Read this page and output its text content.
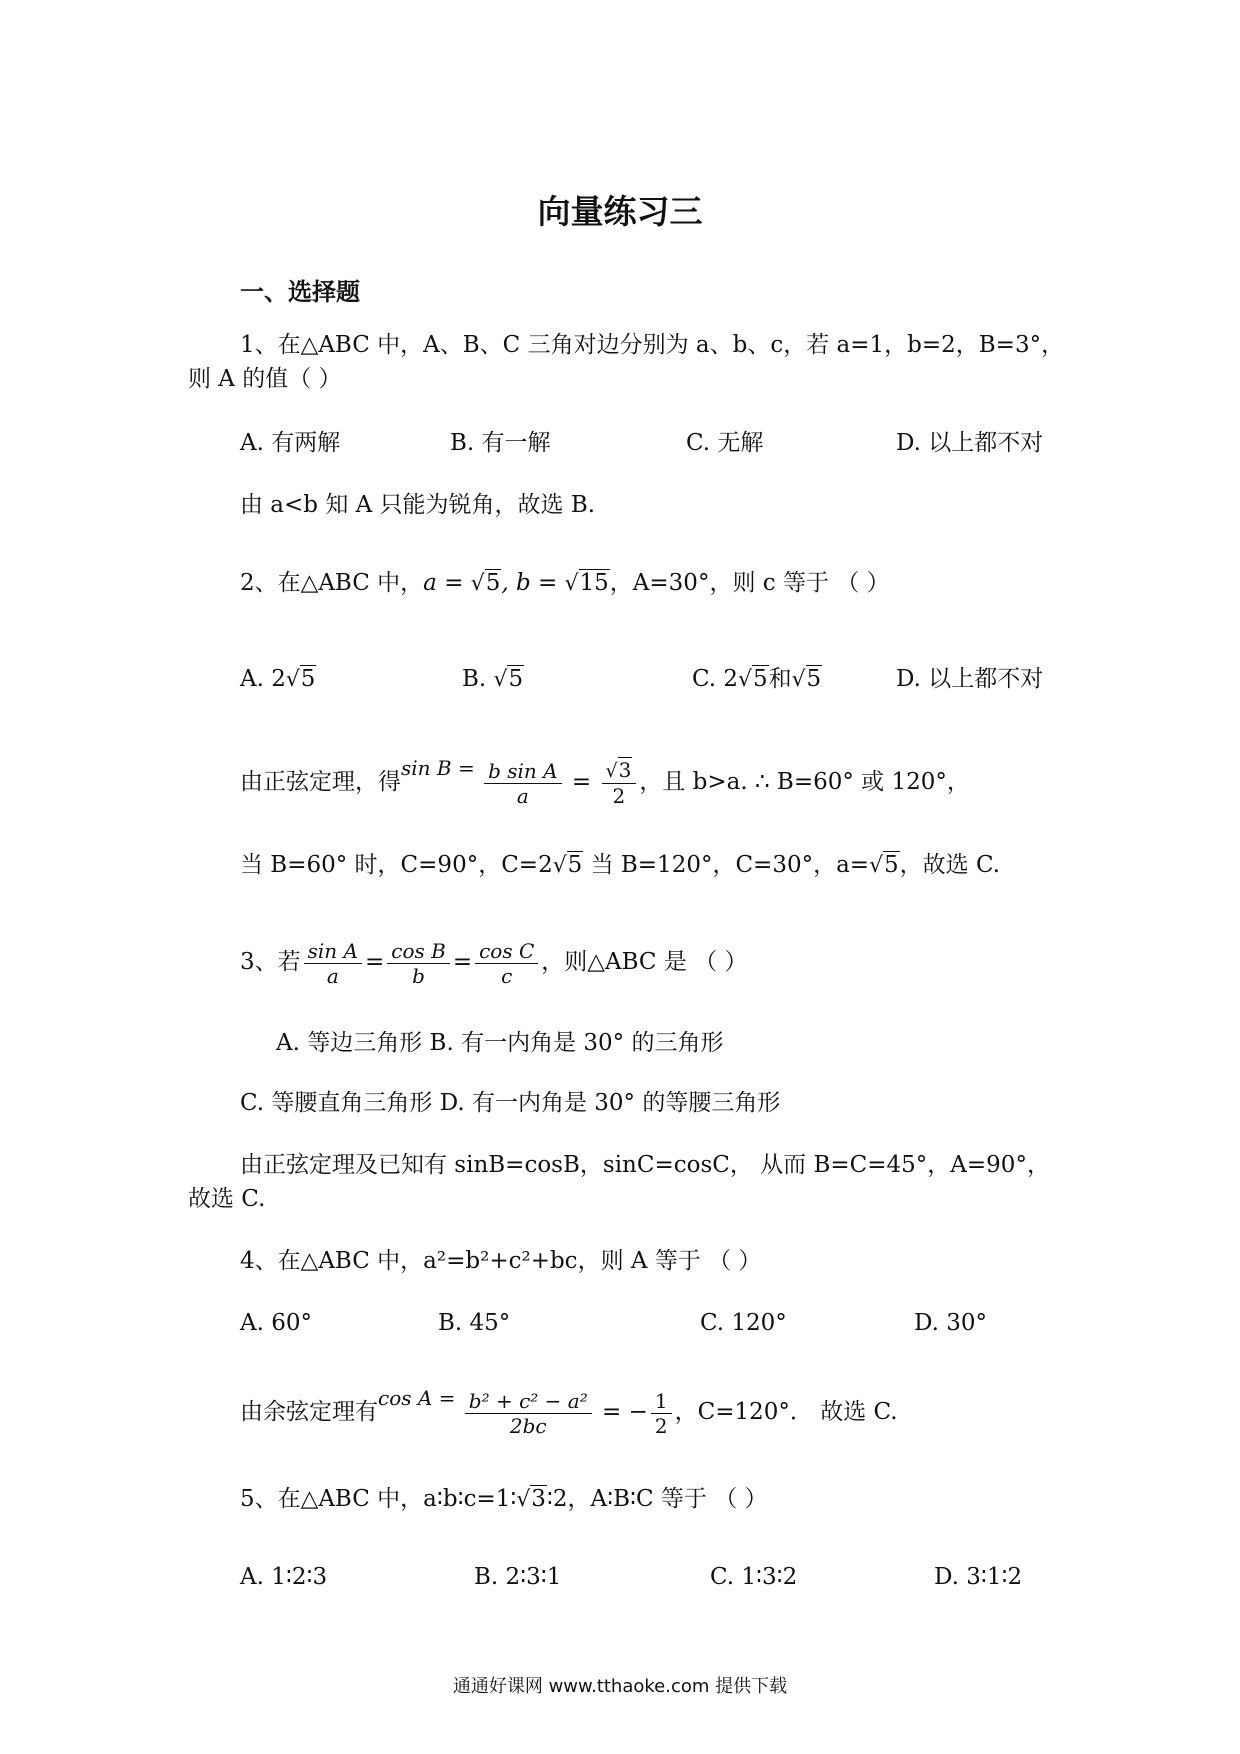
向量练习三
一、选择题
1、在△ABC 中，A、B、C 三角对边分别为 a、b、c，若 a=1，b=2，B=3°，
则 A 的值（ ）
A. 有两解	B. 有一解	C. 无解	D. 以上都不对
由 a<b 知 A 只能为锐角，故选 B.
2、在△ABC 中，a = √5, b = √15，A=30°，则 c 等于 （ ）
A. 2√5	B. √5	C. 2√5和√5	D. 以上都不对
由正弦定理，得$\sin B = \frac{\text{b sin A}}{a} = \frac{√3}{2}$ ，且 b>a. ∴ B=60° 或 120°，
当 B=60° 时，C=90°，C=2√5 当 B=120°，C=30°，a=√5，故选 C.
3、若 $\frac{\text{sin A}}{a} = \frac{\text{cos B}}{b} = \frac{\text{cos C}}{c}$ ，则△ABC 是 （ ）
A. 等边三角形 B. 有一内角是 30° 的三角形
C. 等腰直角三角形 D. 有一内角是 30° 的等腰三角形
由正弦定理及已知有 sinB=cosB，sinC=cosC， 从而 B=C=45°，A=90°，
故选 C.
4、在△ABC 中，a²=b²+c²+bc，则 A 等于 （ ）
A. 60°	B. 45°	C. 120°	D. 30°
由余弦定理有$\cos A = \frac{\text{b² + c² − a²}}{2bc}$ = − $\frac{1}{2}$ ，C=120°． 故选 C.
5、在△ABC 中，a∶b∶c=1∶√3∶2，A∶B∶C 等于 （ ）
A. 1∶2∶3	B. 2∶3∶1	C. 1∶3∶2	D. 3∶1∶2
通通好课网 www.tthaoke.com 提供下载
